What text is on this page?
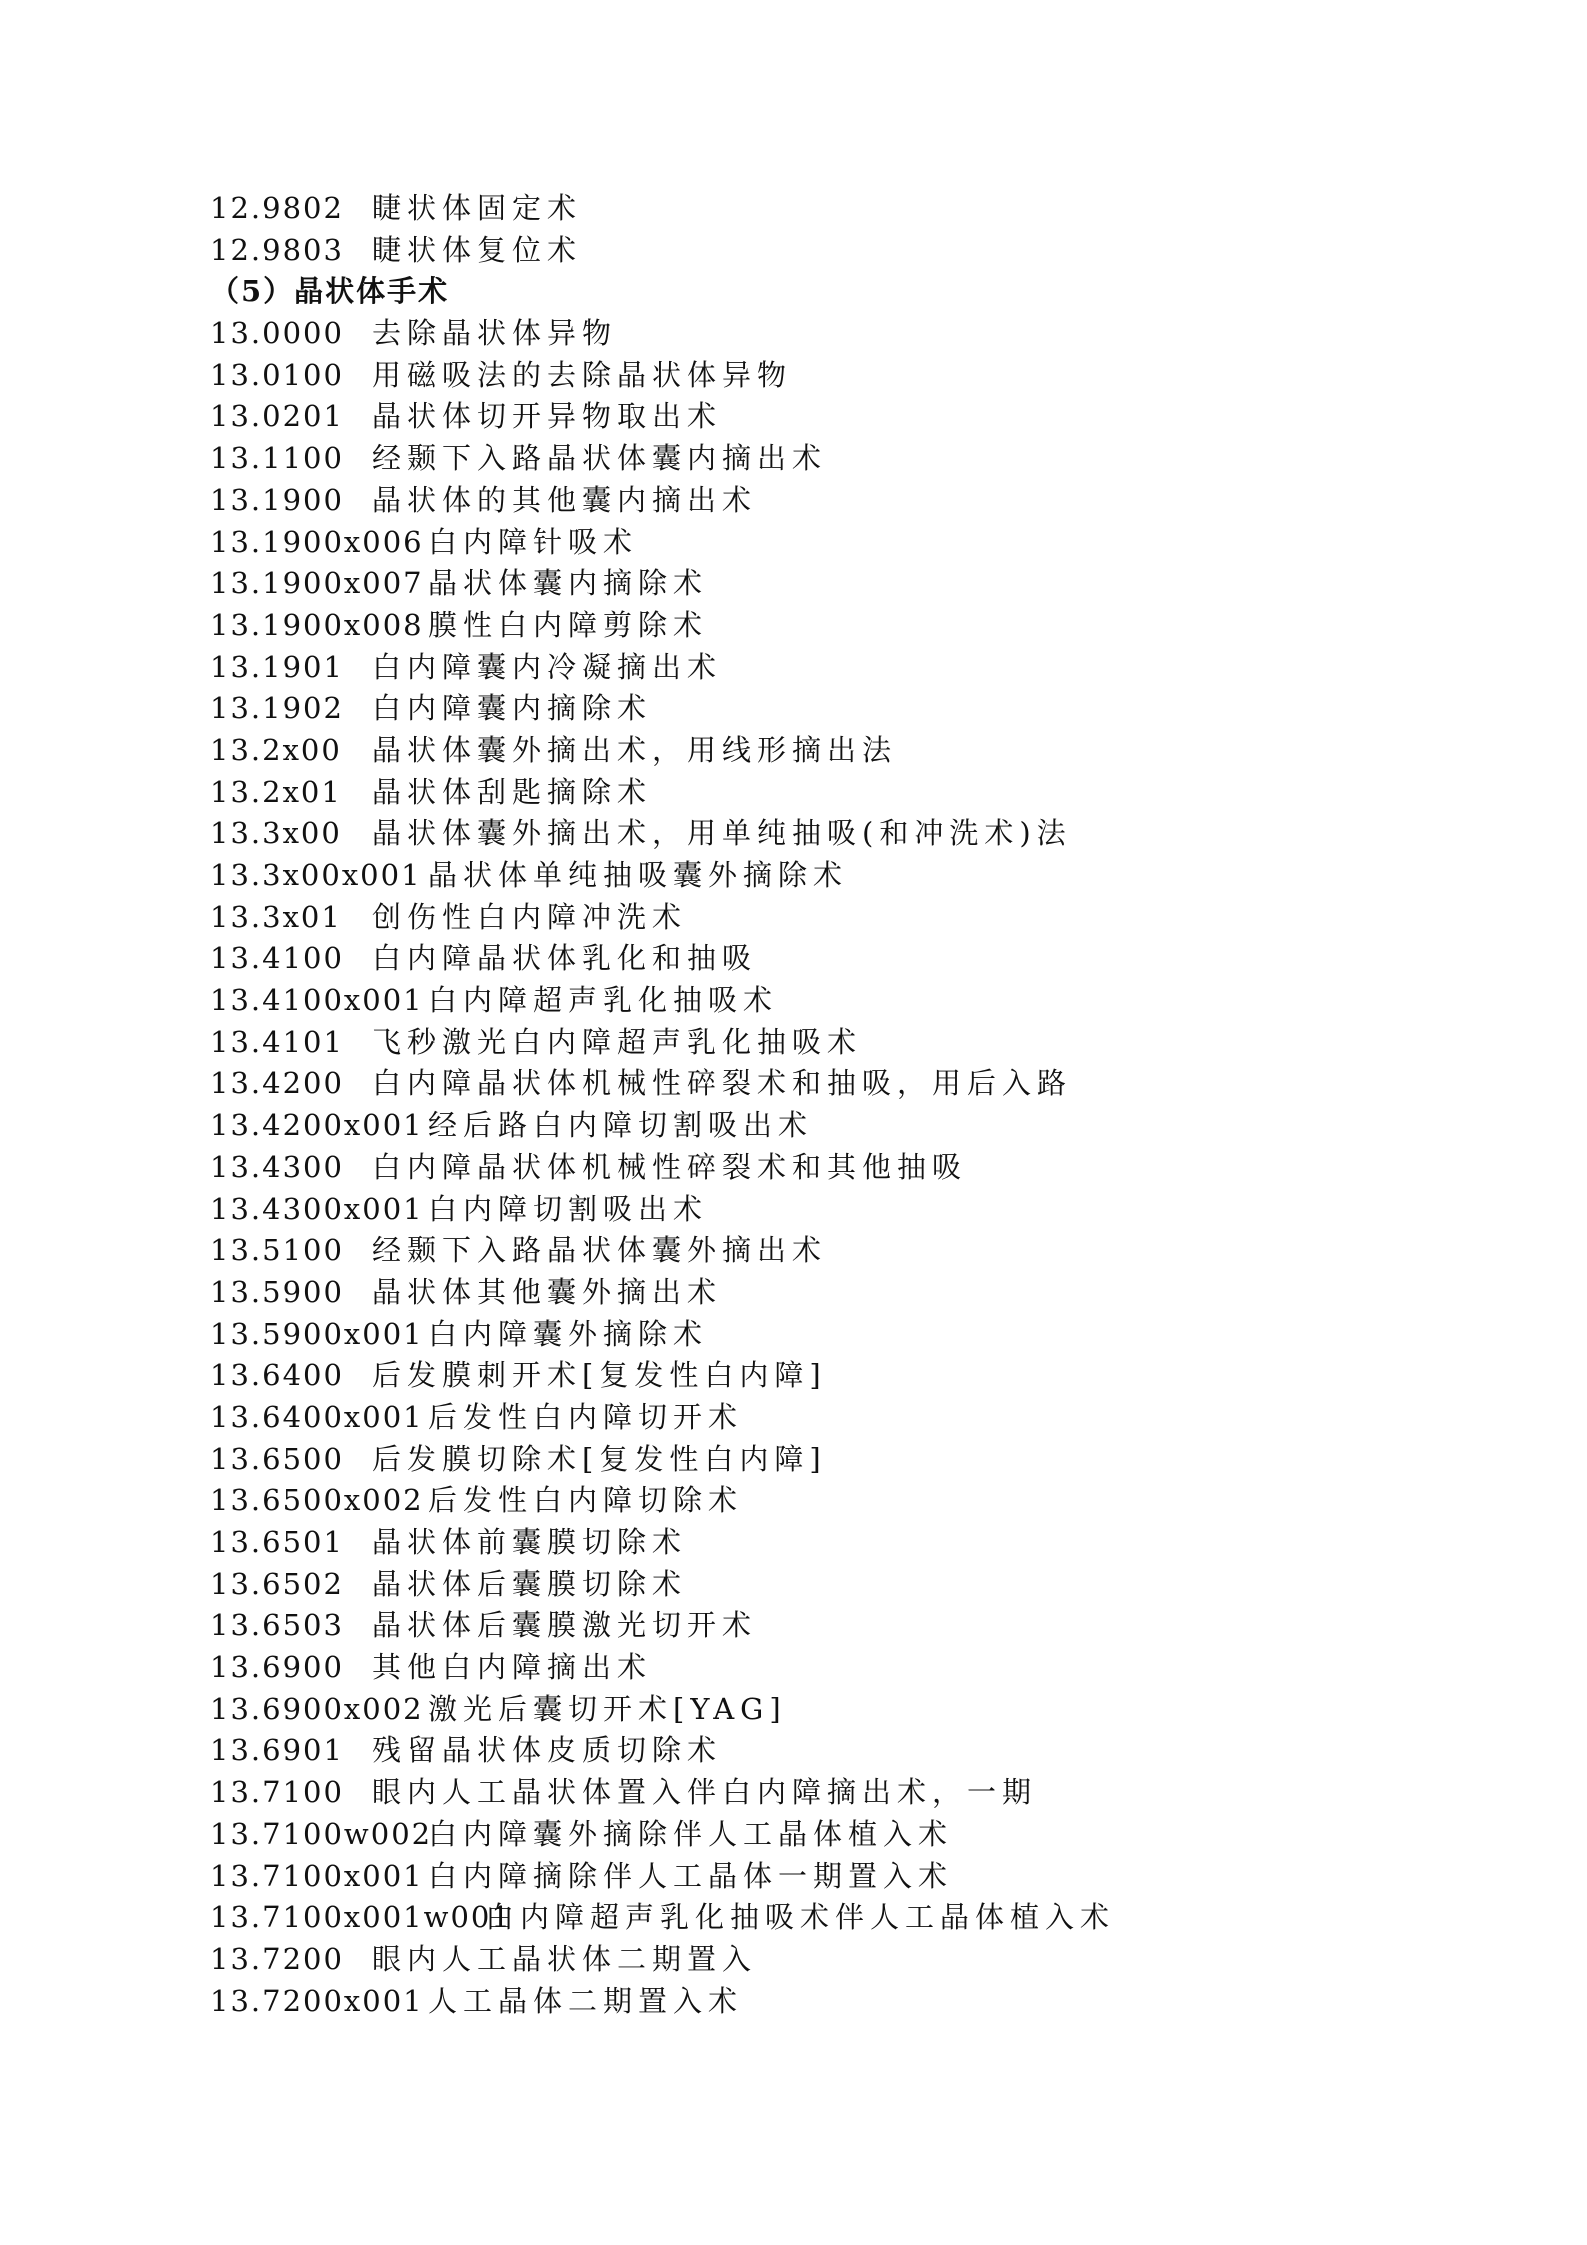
12.9802 睫状体固定术
12.9803 睫状体复位术
（5）晶状体手术
13.0000 去除晶状体异物
13.0100 用磁吸法的去除晶状体异物
13.0201 晶状体切开异物取出术
13.1100 经颞下入路晶状体囊内摘出术
13.1900 晶状体的其他囊内摘出术
13.1900x006 白内障针吸术
13.1900x007 晶状体囊内摘除术
13.1900x008 膜性白内障剪除术
13.1901 白内障囊内冷凝摘出术
13.1902 白内障囊内摘除术
13.2x00 晶状体囊外摘出术，用线形摘出法
13.2x01 晶状体刮匙摘除术
13.3x00 晶状体囊外摘出术，用单纯抽吸(和冲洗术)法
13.3x00x001 晶状体单纯抽吸囊外摘除术
13.3x01 创伤性白内障冲洗术
13.4100 白内障晶状体乳化和抽吸
13.4100x001 白内障超声乳化抽吸术
13.4101 飞秒激光白内障超声乳化抽吸术
13.4200 白内障晶状体机械性碎裂术和抽吸，用后入路
13.4200x001 经后路白内障切割吸出术
13.4300 白内障晶状体机械性碎裂术和其他抽吸
13.4300x001 白内障切割吸出术
13.5100 经颞下入路晶状体囊外摘出术
13.5900 晶状体其他囊外摘出术
13.5900x001 白内障囊外摘除术
13.6400 后发膜刺开术[复发性白内障]
13.6400x001 后发性白内障切开术
13.6500 后发膜切除术[复发性白内障]
13.6500x002 后发性白内障切除术
13.6501 晶状体前囊膜切除术
13.6502 晶状体后囊膜切除术
13.6503 晶状体后囊膜激光切开术
13.6900 其他白内障摘出术
13.6900x002 激光后囊切开术[YAG]
13.6901 残留晶状体皮质切除术
13.7100 眼内人工晶状体置入伴白内障摘出术，一期
13.7100w002
白内障囊外摘除伴人工晶体植入术
13.7100x001 白内障摘除伴人工晶体一期置入术
13.7100x001w001
白内障超声乳化抽吸术伴人工晶体植入术
13.7200 眼内人工晶状体二期置入
13.7200x001 人工晶体二期置入术
